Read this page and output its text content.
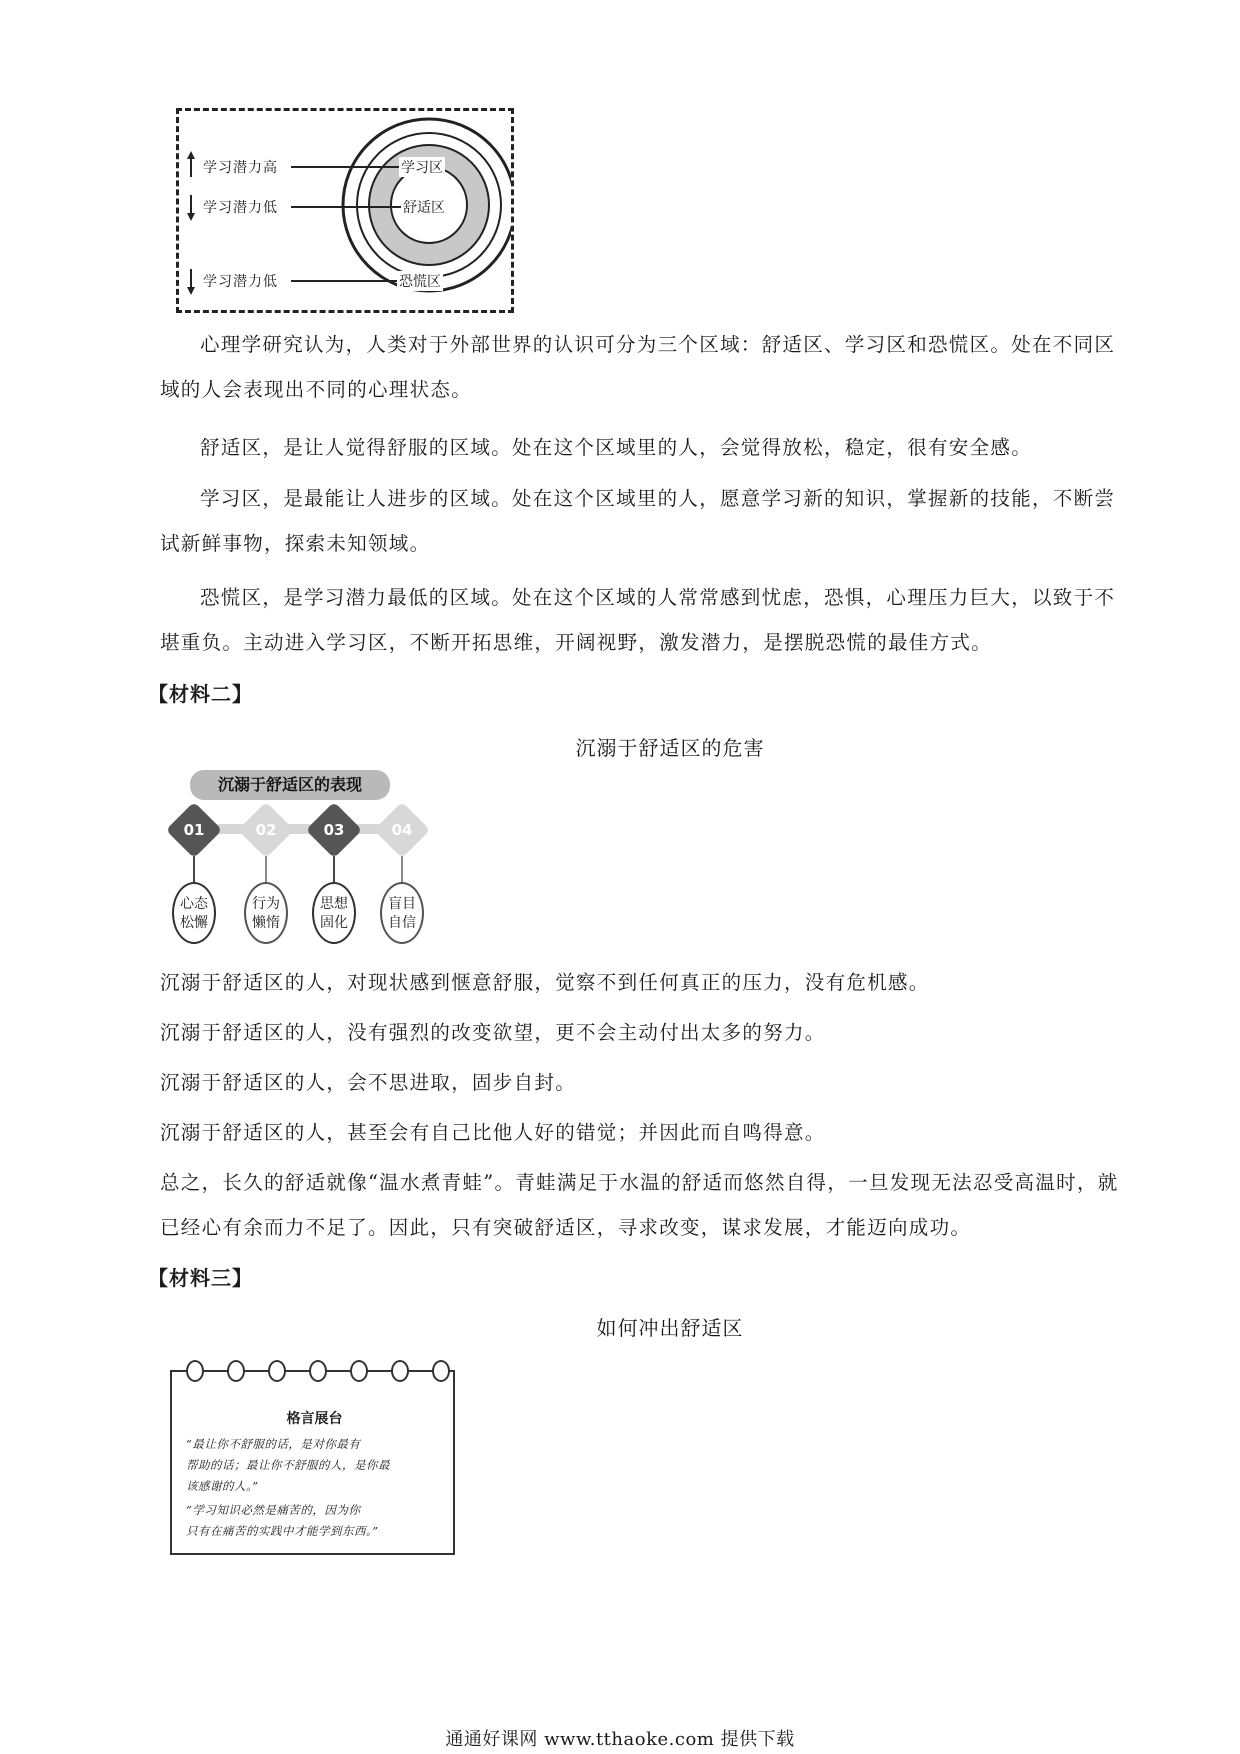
学习潜力高
学习潜力低
学习潜力低
学习区
舒适区
恐慌区
心理学研究认为，人类对于外部世界的认识可分为三个区域：舒适区、学习区和恐慌区。处在不同区域的人会表现出不同的心理状态。
舒适区，是让人觉得舒服的区域。处在这个区域里的人，会觉得放松，稳定，很有安全感。
学习区，是最能让人进步的区域。处在这个区域里的人，愿意学习新的知识，掌握新的技能，不断尝试新鲜事物，探索未知领域。
恐慌区，是学习潜力最低的区域。处在这个区域的人常常感到忧虑，恐惧，心理压力巨大，以致于不堪重负。主动进入学习区，不断开拓思维，开阔视野，激发潜力，是摆脱恐慌的最佳方式。
【材料二】
沉溺于舒适区的危害
沉溺于舒适区的表现
01	02	03	04
心态
松懈
行为
懒惰
思想
固化
盲目
自信
沉溺于舒适区的人，对现状感到惬意舒服，觉察不到任何真正的压力，没有危机感。
沉溺于舒适区的人，没有强烈的改变欲望，更不会主动付出太多的努力。
沉溺于舒适区的人，会不思进取，固步自封。
沉溺于舒适区的人，甚至会有自己比他人好的错觉；并因此而自鸣得意。
总之，长久的舒适就像“温水煮青蛙”。青蛙满足于水温的舒适而悠然自得，一旦发现无法忍受高温时，就已经心有余而力不足了。因此，只有突破舒适区，寻求改变，谋求发展，才能迈向成功。
【材料三】
如何冲出舒适区
格言展台
“最让你不舒服的话，是对你最有
帮助的话；最让你不舒服的人，是你最
该感谢的人。”
“学习知识必然是痛苦的，因为你
只有在痛苦的实践中才能学到东西。”
通通好课网 www.tthaoke.com 提供下载
